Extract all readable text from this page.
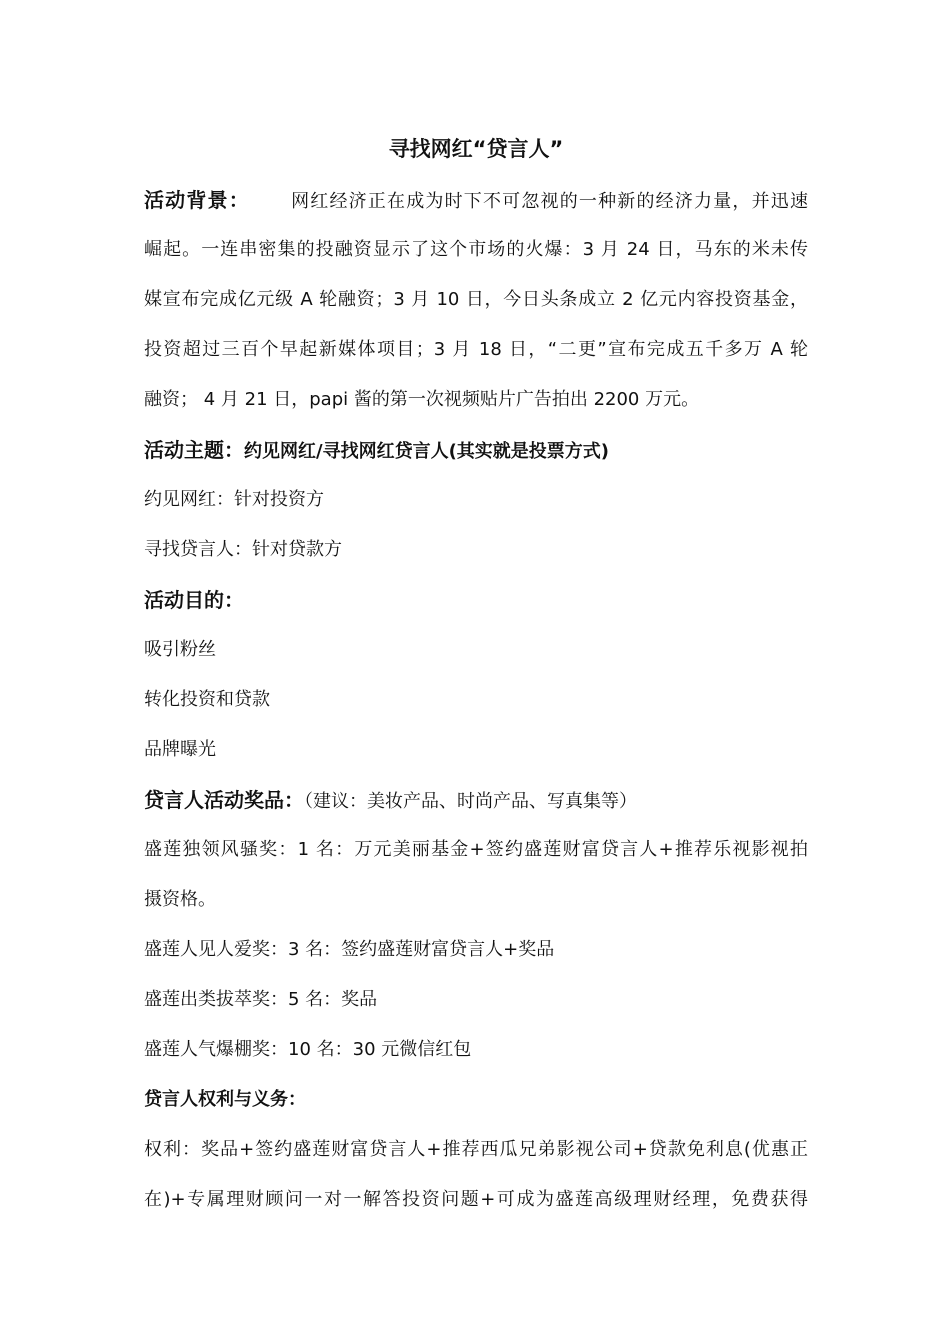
寻找网红“贷言人”
活动背景： 网红经济正在成为时下不可忽视的一种新的经济力量，并迅速
崛起。一连串密集的投融资显示了这个市场的火爆：3 月 24 日，马东的米未传
媒宣布完成亿元级 A 轮融资；3 月 10 日，今日头条成立 2 亿元内容投资基金，
投资超过三百个早起新媒体项目；3 月 18 日，“二更”宣布完成五千多万 A 轮
融资； 4 月 21 日，papi 酱的第一次视频贴片广告拍出 2200 万元。
活动主题：约见网红/寻找网红贷言人(其实就是投票方式)
约见网红：针对投资方
寻找贷言人：针对贷款方
活动目的：
吸引粉丝
转化投资和贷款
品牌曝光
贷言人活动奖品：（建议：美妆产品、时尚产品、写真集等）
盛莲独领风骚奖：1 名：万元美丽基金+签约盛莲财富贷言人+推荐乐视影视拍
摄资格。
盛莲人见人爱奖：3 名：签约盛莲财富贷言人+奖品
盛莲出类拔萃奖：5 名：奖品
盛莲人气爆棚奖：10 名：30 元微信红包
贷言人权利与义务：
权利：奖品+签约盛莲财富贷言人+推荐西瓜兄弟影视公司+贷款免利息(优惠正
在)+专属理财顾问一对一解答投资问题+可成为盛莲高级理财经理，免费获得
